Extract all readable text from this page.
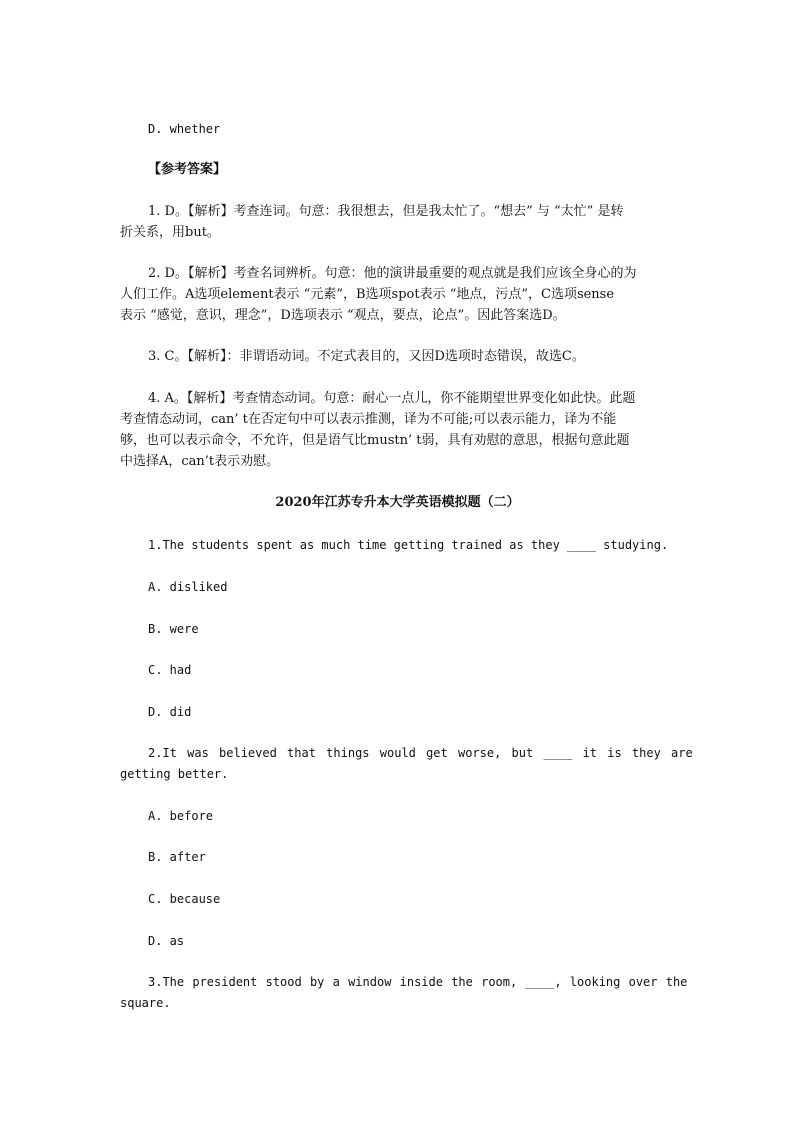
D. whether
【参考答案】
1. D。【解析】考查连词。句意：我很想去，但是我太忙了。“想去” 与 “太忙” 是转
折关系，用but。
2. D。【解析】考查名词辨析。句意：他的演讲最重要的观点就是我们应该全身心的为
人们工作。A选项element表示 “元素”，B选项spot表示 “地点，污点”，C选项sense
表示 “感觉，意识，理念”，D选项表示 “观点，要点，论点”。因此答案选D。
3. C。【解析】：非谓语动词。不定式表目的，又因D选项时态错误，故选C。
4. A。【解析】考查情态动词。句意：耐心一点儿，你不能期望世界变化如此快。此题
考查情态动词，can’ t在否定句中可以表示推测，译为不可能;可以表示能力，译为不能
够，也可以表示命令，不允许，但是语气比mustn’ t弱，具有劝慰的意思，根据句意此题
中选择A，can’t表示劝慰。
2020年江苏专升本大学英语模拟题（二）
1.The students spent as much time getting trained as they ____ studying.
A. disliked
B. were
C. had
D. did
2.It was believed that things would get worse, but ____ it is they are
getting better.
A. before
B. after
C. because
D. as
3.The president stood by a window inside the room, ____, looking over the
square.
